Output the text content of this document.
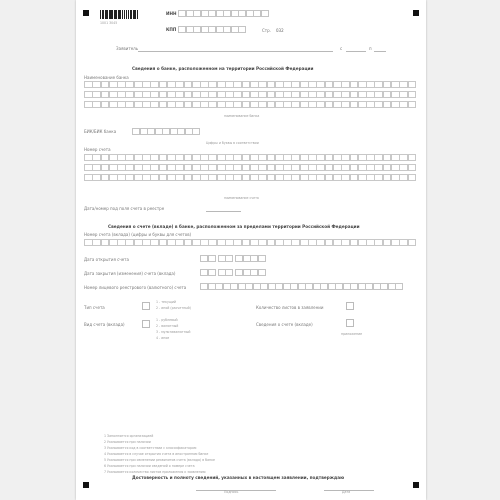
1001 3045
ИНН
КПП	Стр. 032
Заявитель	с	п
Сведения о банке, расположенном на территории Российской Федерации
Наименование банка
наименование банка
БИК/БИК банка
Цифры и буквы в соответствии
Номер счета
наименование счета
Дата/номер под поля счета в реестре
Сведения о счете (вкладе) в банке, расположенном за пределами территории Российской Федерации
Номер счета (вклада) (цифры и буквы для счетов)
Дата открытия счета
Дата закрытия (изменения) счета (вклада)
Номер лицевого реестрового (валютного) счета
Тип счета
1 - текущий
2 - иной (расчетный)	Количество листов в заявлении
Вид счета (вклада)
1 - рублевый
2 - валютный
3 - мультивалютный
4 - иное
Сведения о счете (вкладе)
приложение
1 Заполняется организацией
2 Указывается при наличии
3 Указывается код в соответствии с классификатором
4 Указывается в случае открытия счета в иностранном банке
5 Указывается при изменении реквизитов счета (вклада) в банке
6 Указывается при наличии сведений о номере счета
7 Указывается количество листов приложения к заявлению
Достоверность и полноту сведений, указанных в настоящем заявлении, подтверждаю
Подпись	Дата
